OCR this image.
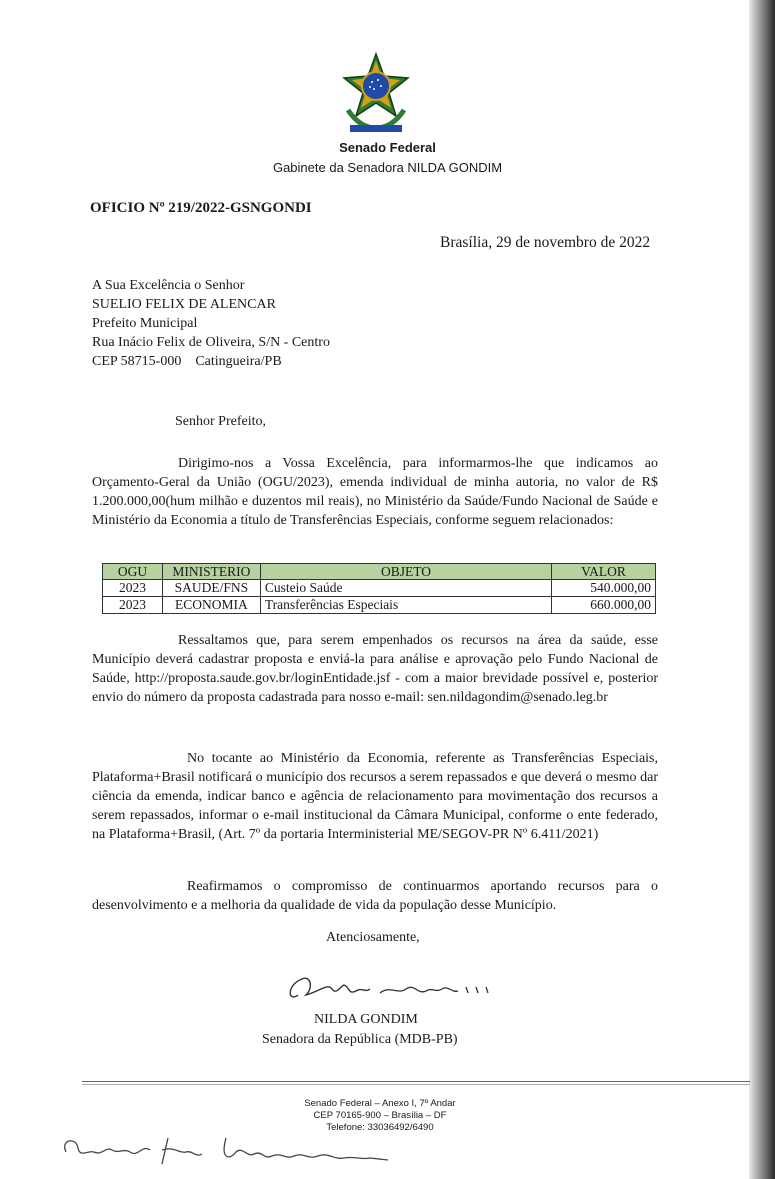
Senado Federal
Gabinete da Senadora NILDA GONDIM
OFICIO Nº 219/2022-GSNGONDI
Brasília, 29 de novembro de 2022
A Sua Excelência o Senhor
SUELIO FELIX DE ALENCAR
Prefeito Municipal
Rua Inácio Felix de Oliveira, S/N - Centro
CEP 58715-000 Catingueira/PB
Senhor Prefeito,
Dirigimo-nos a Vossa Excelência, para informarmos-lhe que indicamos ao Orçamento-Geral da União (OGU/2023), emenda individual de minha autoria, no valor de R$ 1.200.000,00(hum milhão e duzentos mil reais), no Ministério da Saúde/Fundo Nacional de Saúde e Ministério da Economia a título de Transferências Especiais, conforme seguem relacionados:
OGU	MINISTERIO	OBJETO	VALOR
2023	SAUDE/FNS	Custeio Saúde	540.000,00
2023	ECONOMIA	Transferências Especiais	660.000,00
Ressaltamos que, para serem empenhados os recursos na área da saúde, esse Município deverá cadastrar proposta e enviá-la para análise e aprovação pelo Fundo Nacional de Saúde, http://proposta.saude.gov.br/loginEntidade.jsf - com a maior brevidade possível e, posterior envio do número da proposta cadastrada para nosso e-mail: sen.nildagondim@senado.leg.br
No tocante ao Ministério da Economia, referente as Transferências Especiais, Plataforma+Brasil notificará o município dos recursos a serem repassados e que deverá o mesmo dar ciência da emenda, indicar banco e agência de relacionamento para movimentação dos recursos a serem repassados, informar o e-mail institucional da Câmara Municipal, conforme o ente federado, na Plataforma+Brasil, (Art. 7º da portaria Interministerial ME/SEGOV-PR Nº 6.411/2021)
Reafirmamos o compromisso de continuarmos aportando recursos para o desenvolvimento e a melhoria da qualidade de vida da população desse Município.
Atenciosamente,
NILDA GONDIM
Senadora da República (MDB-PB)
Senado Federal – Anexo I, 7º Andar
CEP 70165-900 – Brasília – DF
Telefone: 33036492/6490
